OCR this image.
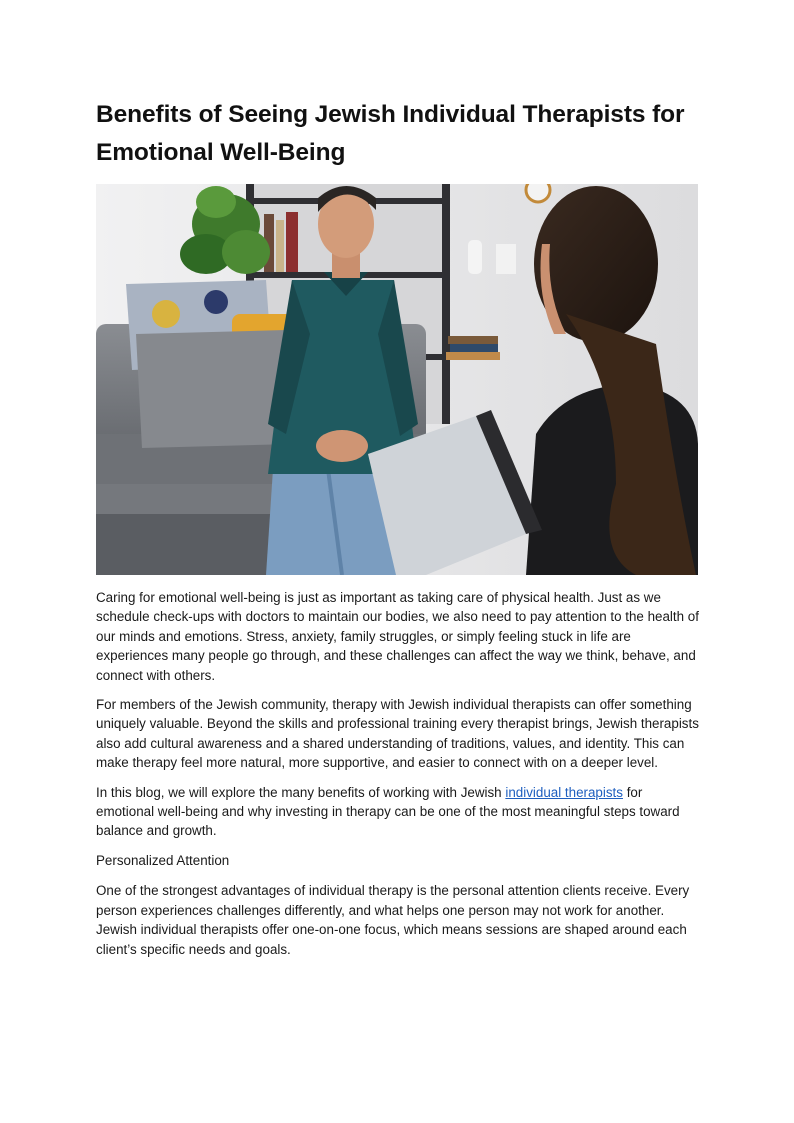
Benefits of Seeing Jewish Individual Therapists for Emotional Well-Being

Caring for emotional well-being is just as important as taking care of physical health. Just as we schedule check-ups with doctors to maintain our bodies, we also need to pay attention to the health of our minds and emotions. Stress, anxiety, family struggles, or simply feeling stuck in life are experiences many people go through, and these challenges can affect the way we think, behave, and connect with others.

For members of the Jewish community, therapy with Jewish individual therapists can offer something uniquely valuable. Beyond the skills and professional training every therapist brings, Jewish therapists also add cultural awareness and a shared understanding of traditions, values, and identity. This can make therapy feel more natural, more supportive, and easier to connect with on a deeper level.

In this blog, we will explore the many benefits of working with Jewish individual therapists for emotional well-being and why investing in therapy can be one of the most meaningful steps toward balance and growth.

Personalized Attention

One of the strongest advantages of individual therapy is the personal attention clients receive. Every person experiences challenges differently, and what helps one person may not work for another. Jewish individual therapists offer one-on-one focus, which means sessions are shaped around each client’s specific needs and goals.
